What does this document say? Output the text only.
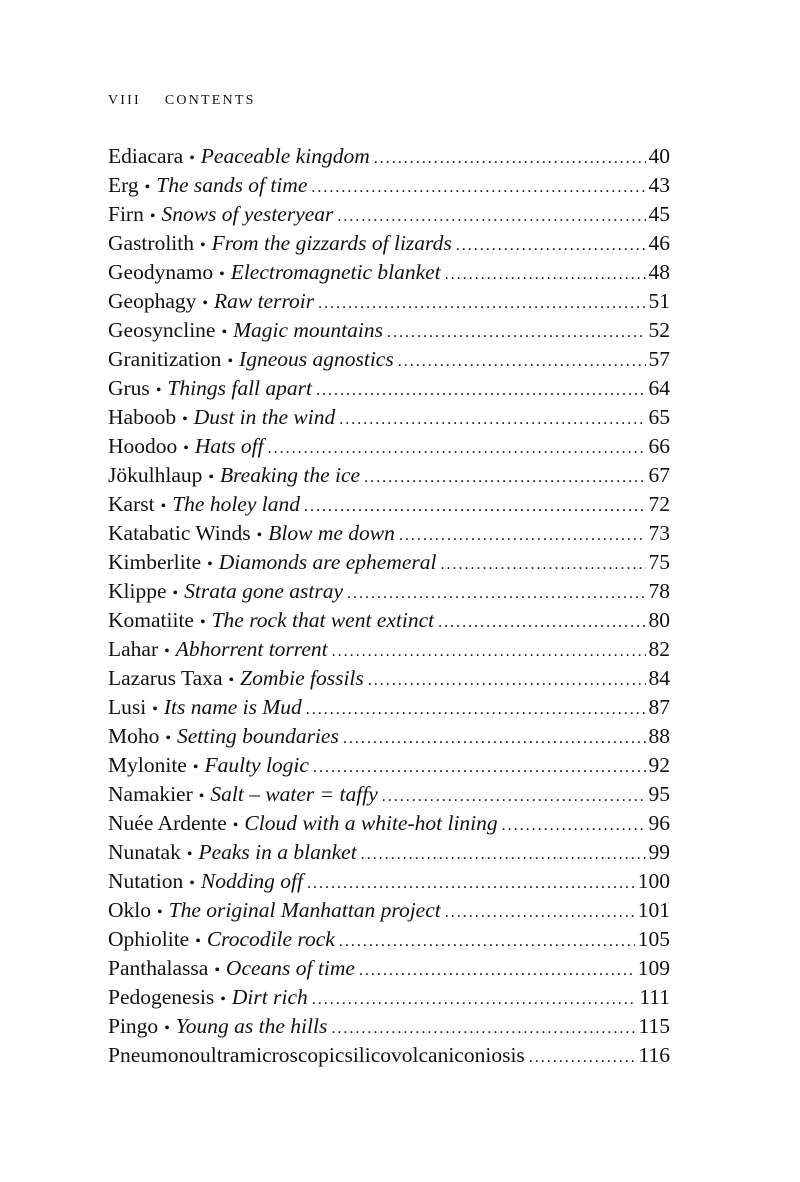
VIII CONTENTS
Ediacara • Peaceable kingdom . . .	40
Erg • The sands of time . . .	43
Firn • Snows of yesteryear . . .	45
Gastrolith • From the gizzards of lizards . . .	46
Geodynamo • Electromagnetic blanket . . .	48
Geophagy • Raw terroir . . .	51
Geosyncline • Magic mountains . . .	52
Granitization • Igneous agnostics . . .	57
Grus • Things fall apart . . .	64
Haboob • Dust in the wind . . .	65
Hoodoo • Hats off . . .	66
Jökulhlaup • Breaking the ice . . .	67
Karst • The holey land . . .	72
Katabatic Winds • Blow me down . . .	73
Kimberlite • Diamonds are ephemeral . . .	75
Klippe • Strata gone astray . . .	78
Komatiite • The rock that went extinct . . .	80
Lahar • Abhorrent torrent . . .	82
Lazarus Taxa • Zombie fossils . . .	84
Lusi • Its name is Mud . . .	87
Moho • Setting boundaries . . .	88
Mylonite • Faulty logic . . .	92
Namakier • Salt – water = taffy . . .	95
Nuée Ardente • Cloud with a white-hot lining . . .	96
Nunatak • Peaks in a blanket . . .	99
Nutation • Nodding off . . .	100
Oklo • The original Manhattan project . . .	101
Ophiolite • Crocodile rock . . .	105
Panthalassa • Oceans of time . . .	109
Pedogenesis • Dirt rich . . .	111
Pingo • Young as the hills . . .	115
Pneumonoultramicroscopicsilicovolcaniconiosis . . .	116
